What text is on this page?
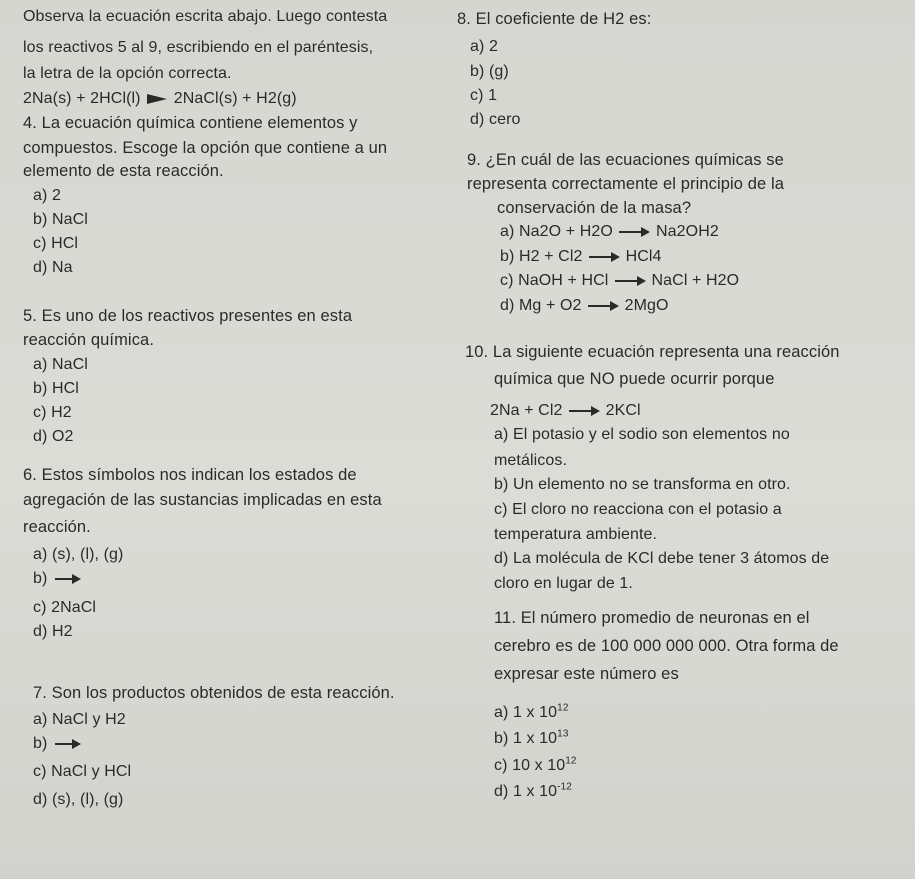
Observa la ecuación escrita abajo. Luego contesta
los reactivos 5 al 9, escribiendo en el paréntesis,
la letra de la opción correcta.
2Na(s) + 2HCl(l) 2NaCl(s) + H2(g)
4. La ecuación química contiene elementos y
compuestos. Escoge la opción que contiene a un
elemento de esta reacción.
a) 2
b) NaCl
c) HCl
d) Na
5. Es uno de los reactivos presentes en esta
reacción química.
a) NaCl
b) HCl
c) H2
d) O2
6. Estos símbolos nos indican los estados de
agregación de las sustancias implicadas en esta
reacción.
a) (s), (l), (g)
b)
c) 2NaCl
d) H2
7. Son los productos obtenidos de esta reacción.
a) NaCl y H2
b)
c) NaCl y HCl
d) (s), (l), (g)
8. El coeficiente de H2 es:
a) 2
b) (g)
c) 1
d) cero
9. ¿En cuál de las ecuaciones químicas se
representa correctamente el principio de la
conservación de la masa?
a) Na2O + H2O	Na2OH2
b) H2 + Cl2	HCl4
c) NaOH + HCl	NaCl + H2O
d) Mg + O2	2MgO
10. La siguiente ecuación representa una reacción
química que NO puede ocurrir porque
2Na + Cl2	2KCl
a) El potasio y el sodio son elementos no
metálicos.
b) Un elemento no se transforma en otro.
c) El cloro no reacciona con el potasio a
temperatura ambiente.
d) La molécula de KCl debe tener 3 átomos de
cloro en lugar de 1.
11. El número promedio de neuronas en el
cerebro es de 100 000 000 000. Otra forma de
expresar este número es
a) 1 x $10^{12}$
b) 1 x $10^{13}$
c) 10 x $10^{12}$
d) 1 x $10^{-12}$
